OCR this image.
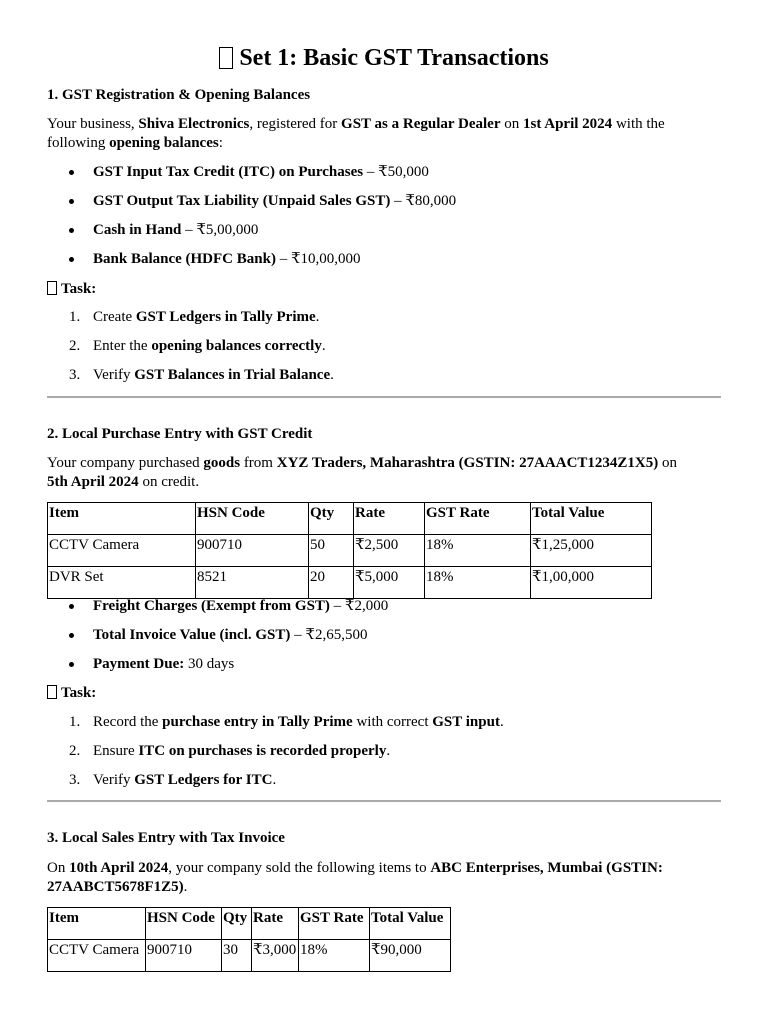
Set 1: Basic GST Transactions
1. GST Registration & Opening Balances

Your business, Shiva Electronics, registered for GST as a Regular Dealer on 1st April 2024 with the
following opening balances:

GST Input Tax Credit (ITC) on Purchases – ₹50,000
GST Output Tax Liability (Unpaid Sales GST) – ₹80,000
Cash in Hand – ₹5,00,000
Bank Balance (HDFC Bank) – ₹10,00,000
Task:
1. Create GST Ledgers in Tally Prime.
2. Enter the opening balances correctly.
3. Verify GST Balances in Trial Balance.
2. Local Purchase Entry with GST Credit

Your company purchased goods from XYZ Traders, Maharashtra (GSTIN: 27AAACT1234Z1X5) on
5th April 2024 on credit.

Item	HSN Code	Qty	Rate	GST Rate	Total Value
CCTV Camera	900710	50	₹2,500	18%	₹1,25,000
DVR Set	8521	20	₹5,000	18%	₹1,00,000
Freight Charges (Exempt from GST) – ₹2,000
Total Invoice Value (incl. GST) – ₹2,65,500
Payment Due: 30 days
Task:
1. Record the purchase entry in Tally Prime with correct GST input.
2. Ensure ITC on purchases is recorded properly.
3. Verify GST Ledgers for ITC.
3. Local Sales Entry with Tax Invoice

On 10th April 2024, your company sold the following items to ABC Enterprises, Mumbai (GSTIN:
27AABCT5678F1Z5).

Item	HSN Code	Qty	Rate	GST Rate	Total Value
CCTV Camera	900710	30	₹3,000	18%	₹90,000
